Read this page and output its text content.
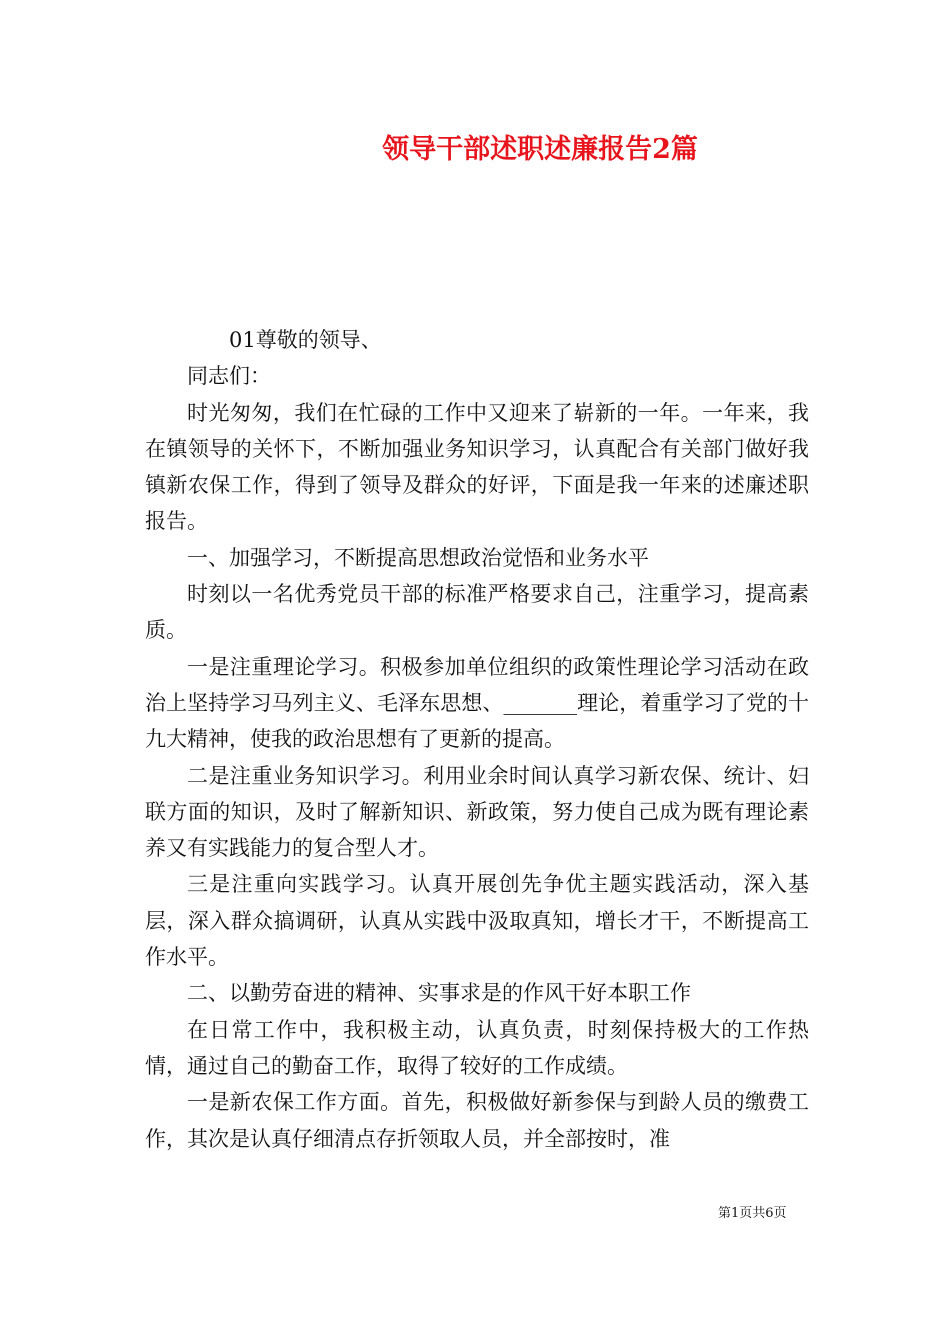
领导干部述职述廉报告2篇

01尊敬的领导、

同志们：

时光匆匆，我们在忙碌的工作中又迎来了崭新的一年。一年来，我在镇领导的关怀下，不断加强业务知识学习，认真配合有关部门做好我镇新农保工作，得到了领导及群众的好评，下面是我一年来的述廉述职报告。

一、加强学习，不断提高思想政治觉悟和业务水平

时刻以一名优秀党员干部的标准严格要求自己，注重学习，提高素质。

一是注重理论学习。积极参加单位组织的政策性理论学习活动在政治上坚持学习马列主义、毛泽东思想、_______理论，着重学习了党的十九大精神，使我的政治思想有了更新的提高。

二是注重业务知识学习。利用业余时间认真学习新农保、统计、妇联方面的知识，及时了解新知识、新政策，努力使自己成为既有理论素养又有实践能力的复合型人才。

三是注重向实践学习。认真开展创先争优主题实践活动，深入基层，深入群众搞调研，认真从实践中汲取真知，增长才干，不断提高工作水平。

二、以勤劳奋进的精神、实事求是的作风干好本职工作

在日常工作中，我积极主动，认真负责，时刻保持极大的工作热情，通过自己的勤奋工作，取得了较好的工作成绩。

一是新农保工作方面。首先，积极做好新参保与到龄人员的缴费工作，其次是认真仔细清点存折领取人员，并全部按时，准

第1页共6页
